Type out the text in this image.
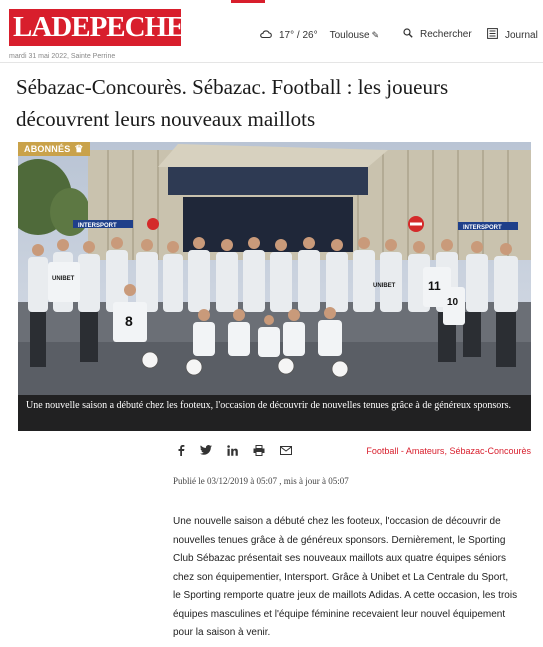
LADEPECHE . fr
mardi 31 mai 2022, Sainte Perrine
17° / 26° Toulouse ✎	Rechercher	Journal
Sébazac-Concourès. Sébazac. Football : les joueurs découvrent leurs nouveaux maillots
INTERSPORT	INTERSPORT
8
11
10
UNIBET
UNIBET
ABONNÉS ♛
Une nouvelle saison a débuté chez les footeux, l'occasion de découvrir de nouvelles tenues grâce à de généreux sponsors.
Football - Amateurs, Sébazac-Concourès
Publié le 03/12/2019 à 05:07 , mis à jour à 05:07

Une nouvelle saison a débuté chez les footeux, l'occasion de découvrir de nouvelles tenues grâce à de généreux sponsors. Dernièrement, le Sporting Club Sébazac présentait ses nouveaux maillots aux quatre équipes séniors chez son équipementier, Intersport. Grâce à Unibet et La Centrale du Sport, le Sporting remporte quatre jeux de maillots Adidas. A cette occasion, les trois équipes masculines et l'équipe féminine recevaient leur nouvel équipement pour la saison à venir.
